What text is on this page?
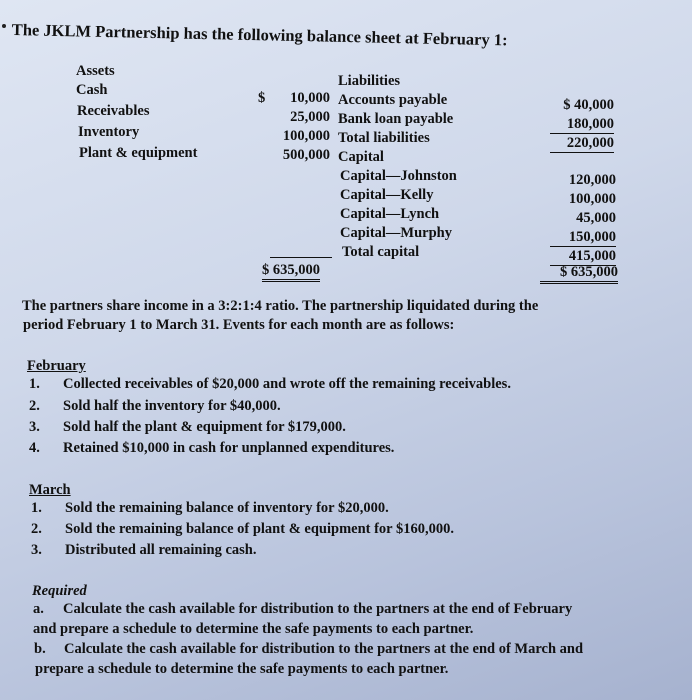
The JKLM Partnership has the following balance sheet at February 1:
Assets
Cash
Receivables
Inventory
Plant & equipment
$	10,000
25,000
100,000
500,000
$ 635,000
Liabilities
Accounts payable
Bank loan payable
Total liabilities
Capital
Capital—Johnston
Capital—Kelly
Capital—Lynch
Capital—Murphy
Total capital
$ 40,000
180,000
220,000
120,000
100,000
45,000
150,000
415,000
$ 635,000
The partners share income in a 3:2:1:4 ratio. The partnership liquidated during the
period February 1 to March 31. Events for each month are as follows:
February
1. Collected receivables of $20,000 and wrote off the remaining receivables.
2. Sold half the inventory for $40,000.
3. Sold half the plant & equipment for $179,000.
4. Retained $10,000 in cash for unplanned expenditures.
March
1. Sold the remaining balance of inventory for $20,000.
2. Sold the remaining balance of plant & equipment for $160,000.
3. Distributed all remaining cash.
Required
a. Calculate the cash available for distribution to the partners at the end of February
and prepare a schedule to determine the safe payments to each partner.
b. Calculate the cash available for distribution to the partners at the end of March and
prepare a schedule to determine the safe payments to each partner.
